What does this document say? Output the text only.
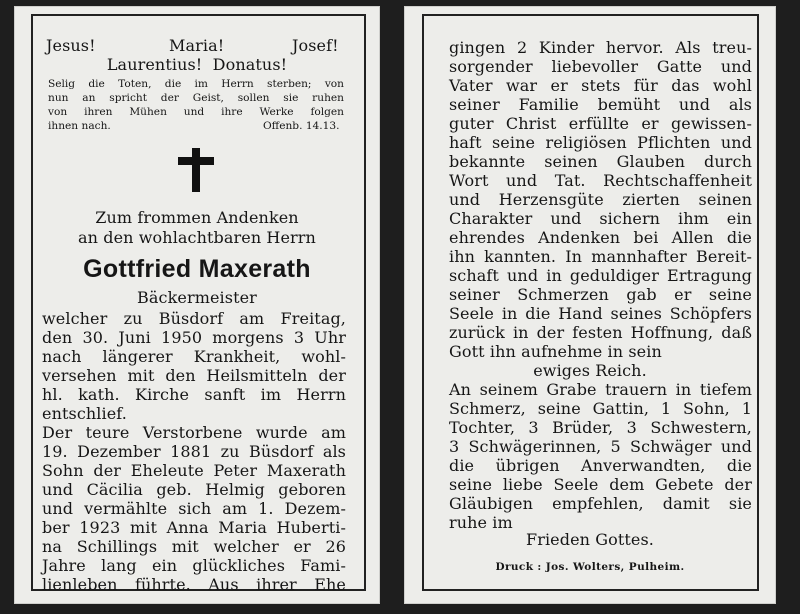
Jesus!	Maria!	Josef!
Laurentius!  Donatus!
Selig die Toten, die im Herrn sterben; von
nun an spricht der Geist, sollen sie ruhen
von ihren Mühen und ihre Werke folgen
ihnen nach.	Offenb. 14.13.
Zum frommen Andenken
an den wohlachtbaren Herrn
Gottfried Maxerath
Bäckermeister
welcher zu Büsdorf am Freitag,
den 30. Juni 1950 morgens 3 Uhr
nach längerer Krankheit, wohl-
versehen mit den Heilsmitteln der
hl. kath. Kirche sanft im Herrn
entschlief.
Der teure Verstorbene wurde am
19. Dezember 1881 zu Büsdorf als
Sohn der Eheleute Peter Maxerath
und Cäcilia geb. Helmig geboren
und vermählte sich am 1. Dezem-
ber 1923 mit Anna Maria Huberti-
na Schillings mit welcher er 26
Jahre lang ein glückliches Fami-
lienleben führte. Aus ihrer Ehe
gingen 2 Kinder hervor. Als treu-
sorgender liebevoller Gatte und
Vater war er stets für das wohl
seiner Familie bemüht und als
guter Christ erfüllte er gewissen-
haft seine religiösen Pflichten und
bekannte seinen Glauben durch
Wort und Tat. Rechtschaffenheit
und Herzensgüte zierten seinen
Charakter und sichern ihm ein
ehrendes Andenken bei Allen die
ihn kannten. In mannhafter Bereit-
schaft und in geduldiger Ertragung
seiner Schmerzen gab er seine
Seele in die Hand seines Schöpfers
zurück in der festen Hoffnung, daß
Gott ihn aufnehme in sein
ewiges Reich.
An seinem Grabe trauern in tiefem
Schmerz, seine Gattin, 1 Sohn, 1
Tochter, 3 Brüder, 3 Schwestern,
3 Schwägerinnen, 5 Schwäger und
die übrigen Anverwandten, die
seine liebe Seele dem Gebete der
Gläubigen empfehlen, damit sie
ruhe im
Frieden Gottes.
Druck : Jos. Wolters, Pulheim.
